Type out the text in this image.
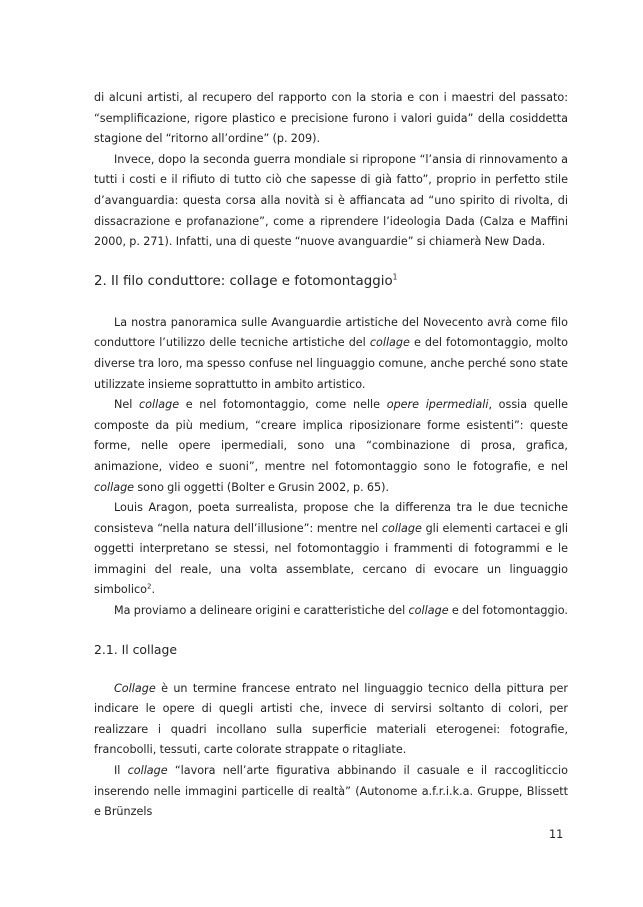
di alcuni artisti, al recupero del rapporto con la storia e con i maestri del passato: “semplificazione, rigore plastico e precisione furono i valori guida” della cosiddetta stagione del “ritorno all’ordine” (p. 209).

Invece, dopo la seconda guerra mondiale si ripropone “l’ansia di rinnovamento a tutti i costi e il rifiuto di tutto ciò che sapesse di già fatto”, proprio in perfetto stile d’avanguardia: questa corsa alla novità si è affiancata ad “uno spirito di rivolta, di dissacrazione e profanazione”, come a riprendere l’ideologia Dada (Calza e Maffini 2000, p. 271). Infatti, una di queste “nuove avanguardie” si chiamerà New Dada.

2. Il filo conduttore: collage e fotomontaggio$^1$

La nostra panoramica sulle Avanguardie artistiche del Novecento avrà come filo conduttore l’utilizzo delle tecniche artistiche del collage e del fotomontaggio, molto diverse tra loro, ma spesso confuse nel linguaggio comune, anche perché sono state utilizzate insieme soprattutto in ambito artistico.

Nel collage e nel fotomontaggio, come nelle opere ipermediali, ossia quelle composte da più medium, “creare implica riposizionare forme esistenti”: queste forme, nelle opere ipermediali, sono una “combinazione di prosa, grafica, animazione, video e suoni”, mentre nel fotomontaggio sono le fotografie, e nel collage sono gli oggetti (Bolter e Grusin 2002, p. 65).

Louis Aragon, poeta surrealista, propose che la differenza tra le due tecniche consisteva “nella natura dell’illusione”: mentre nel collage gli elementi cartacei e gli oggetti interpretano se stessi, nel fotomontaggio i frammenti di fotogrammi e le immagini del reale, una volta assemblate, cercano di evocare un linguaggio simbolico$^2$.

Ma proviamo a delineare origini e caratteristiche del collage e del fotomontaggio.

2.1. Il collage

Collage è un termine francese entrato nel linguaggio tecnico della pittura per indicare le opere di quegli artisti che, invece di servirsi soltanto di colori, per realizzare i quadri incollano sulla superficie materiali eterogenei: fotografie, francobolli, tessuti, carte colorate strappate o ritagliate.

Il collage “lavora nell’arte figurativa abbinando il casuale e il raccogliticcio inserendo nelle immagini particelle di realtà” (Autonome a.f.r.i.k.a. Gruppe, Blissett e Brünzels

11
